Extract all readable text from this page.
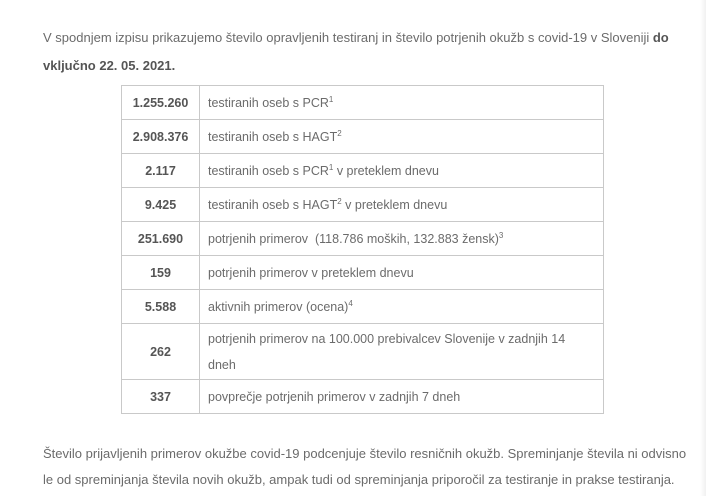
V spodnjem izpisu prikazujemo število opravljenih testiranj in število potrjenih okužb s covid-19 v Sloveniji do vključno 22. 05. 2021.

1.255.260	testiranih oseb s PCR$^1$
2.908.376	testiranih oseb s HAGT$^2$
2.117	testiranih oseb s PCR$^1$ v preteklem dnevu
9.425	testiranih oseb s HAGT$^2$ v preteklem dnevu
251.690	potrjenih primerov  (118.786 moških, 132.883 žensk)$^3$
159	potrjenih primerov v preteklem dnevu
5.588	aktivnih primerov (ocena)$^4$
262	potrjenih primerov na 100.000 prebivalcev Slovenije v zadnjih 14 dneh
337	povprečje potrjenih primerov v zadnjih 7 dneh

Število prijavljenih primerov okužbe covid-19 podcenjuje število resničnih okužb. Spreminjanje števila ni odvisno le od spreminjanja števila novih okužb, ampak tudi od spreminjanja priporočil za testiranje in prakse testiranja.
